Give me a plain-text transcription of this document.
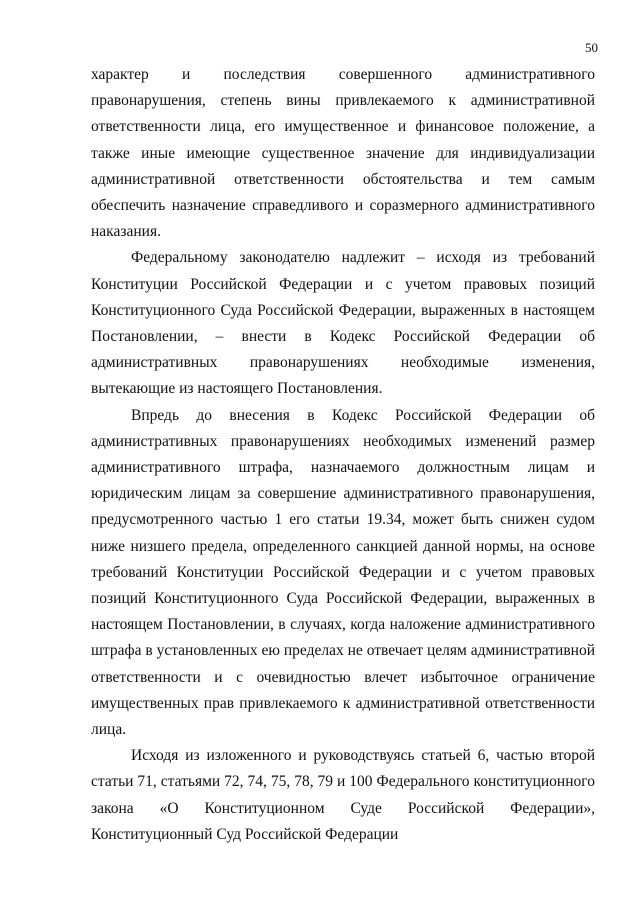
50

характер и последствия совершенного административного правонарушения, степень вины привлекаемого к административной ответственности лица, его имущественное и финансовое положение, а также иные имеющие существенное значение для индивидуализации административной ответственности обстоятельства и тем самым обеспечить назначение справедливого и соразмерного административного наказания.

Федеральному законодателю надлежит – исходя из требований Конституции Российской Федерации и с учетом правовых позиций Конституционного Суда Российской Федерации, выраженных в настоящем Постановлении, – внести в Кодекс Российской Федерации об административных правонарушениях необходимые изменения, вытекающие из настоящего Постановления.

Впредь до внесения в Кодекс Российской Федерации об административных правонарушениях необходимых изменений размер административного штрафа, назначаемого должностным лицам и юридическим лицам за совершение административного правонарушения, предусмотренного частью 1 его статьи 19.34, может быть снижен судом ниже низшего предела, определенного санкцией данной нормы, на основе требований Конституции Российской Федерации и с учетом правовых позиций Конституционного Суда Российской Федерации, выраженных в настоящем Постановлении, в случаях, когда наложение административного штрафа в установленных ею пределах не отвечает целям административной ответственности и с очевидностью влечет избыточное ограничение имущественных прав привлекаемого к административной ответственности лица.

Исходя из изложенного и руководствуясь статьей 6, частью второй статьи 71, статьями 72, 74, 75, 78, 79 и 100 Федерального конституционного закона «О Конституционном Суде Российской Федерации», Конституционный Суд Российской Федерации
